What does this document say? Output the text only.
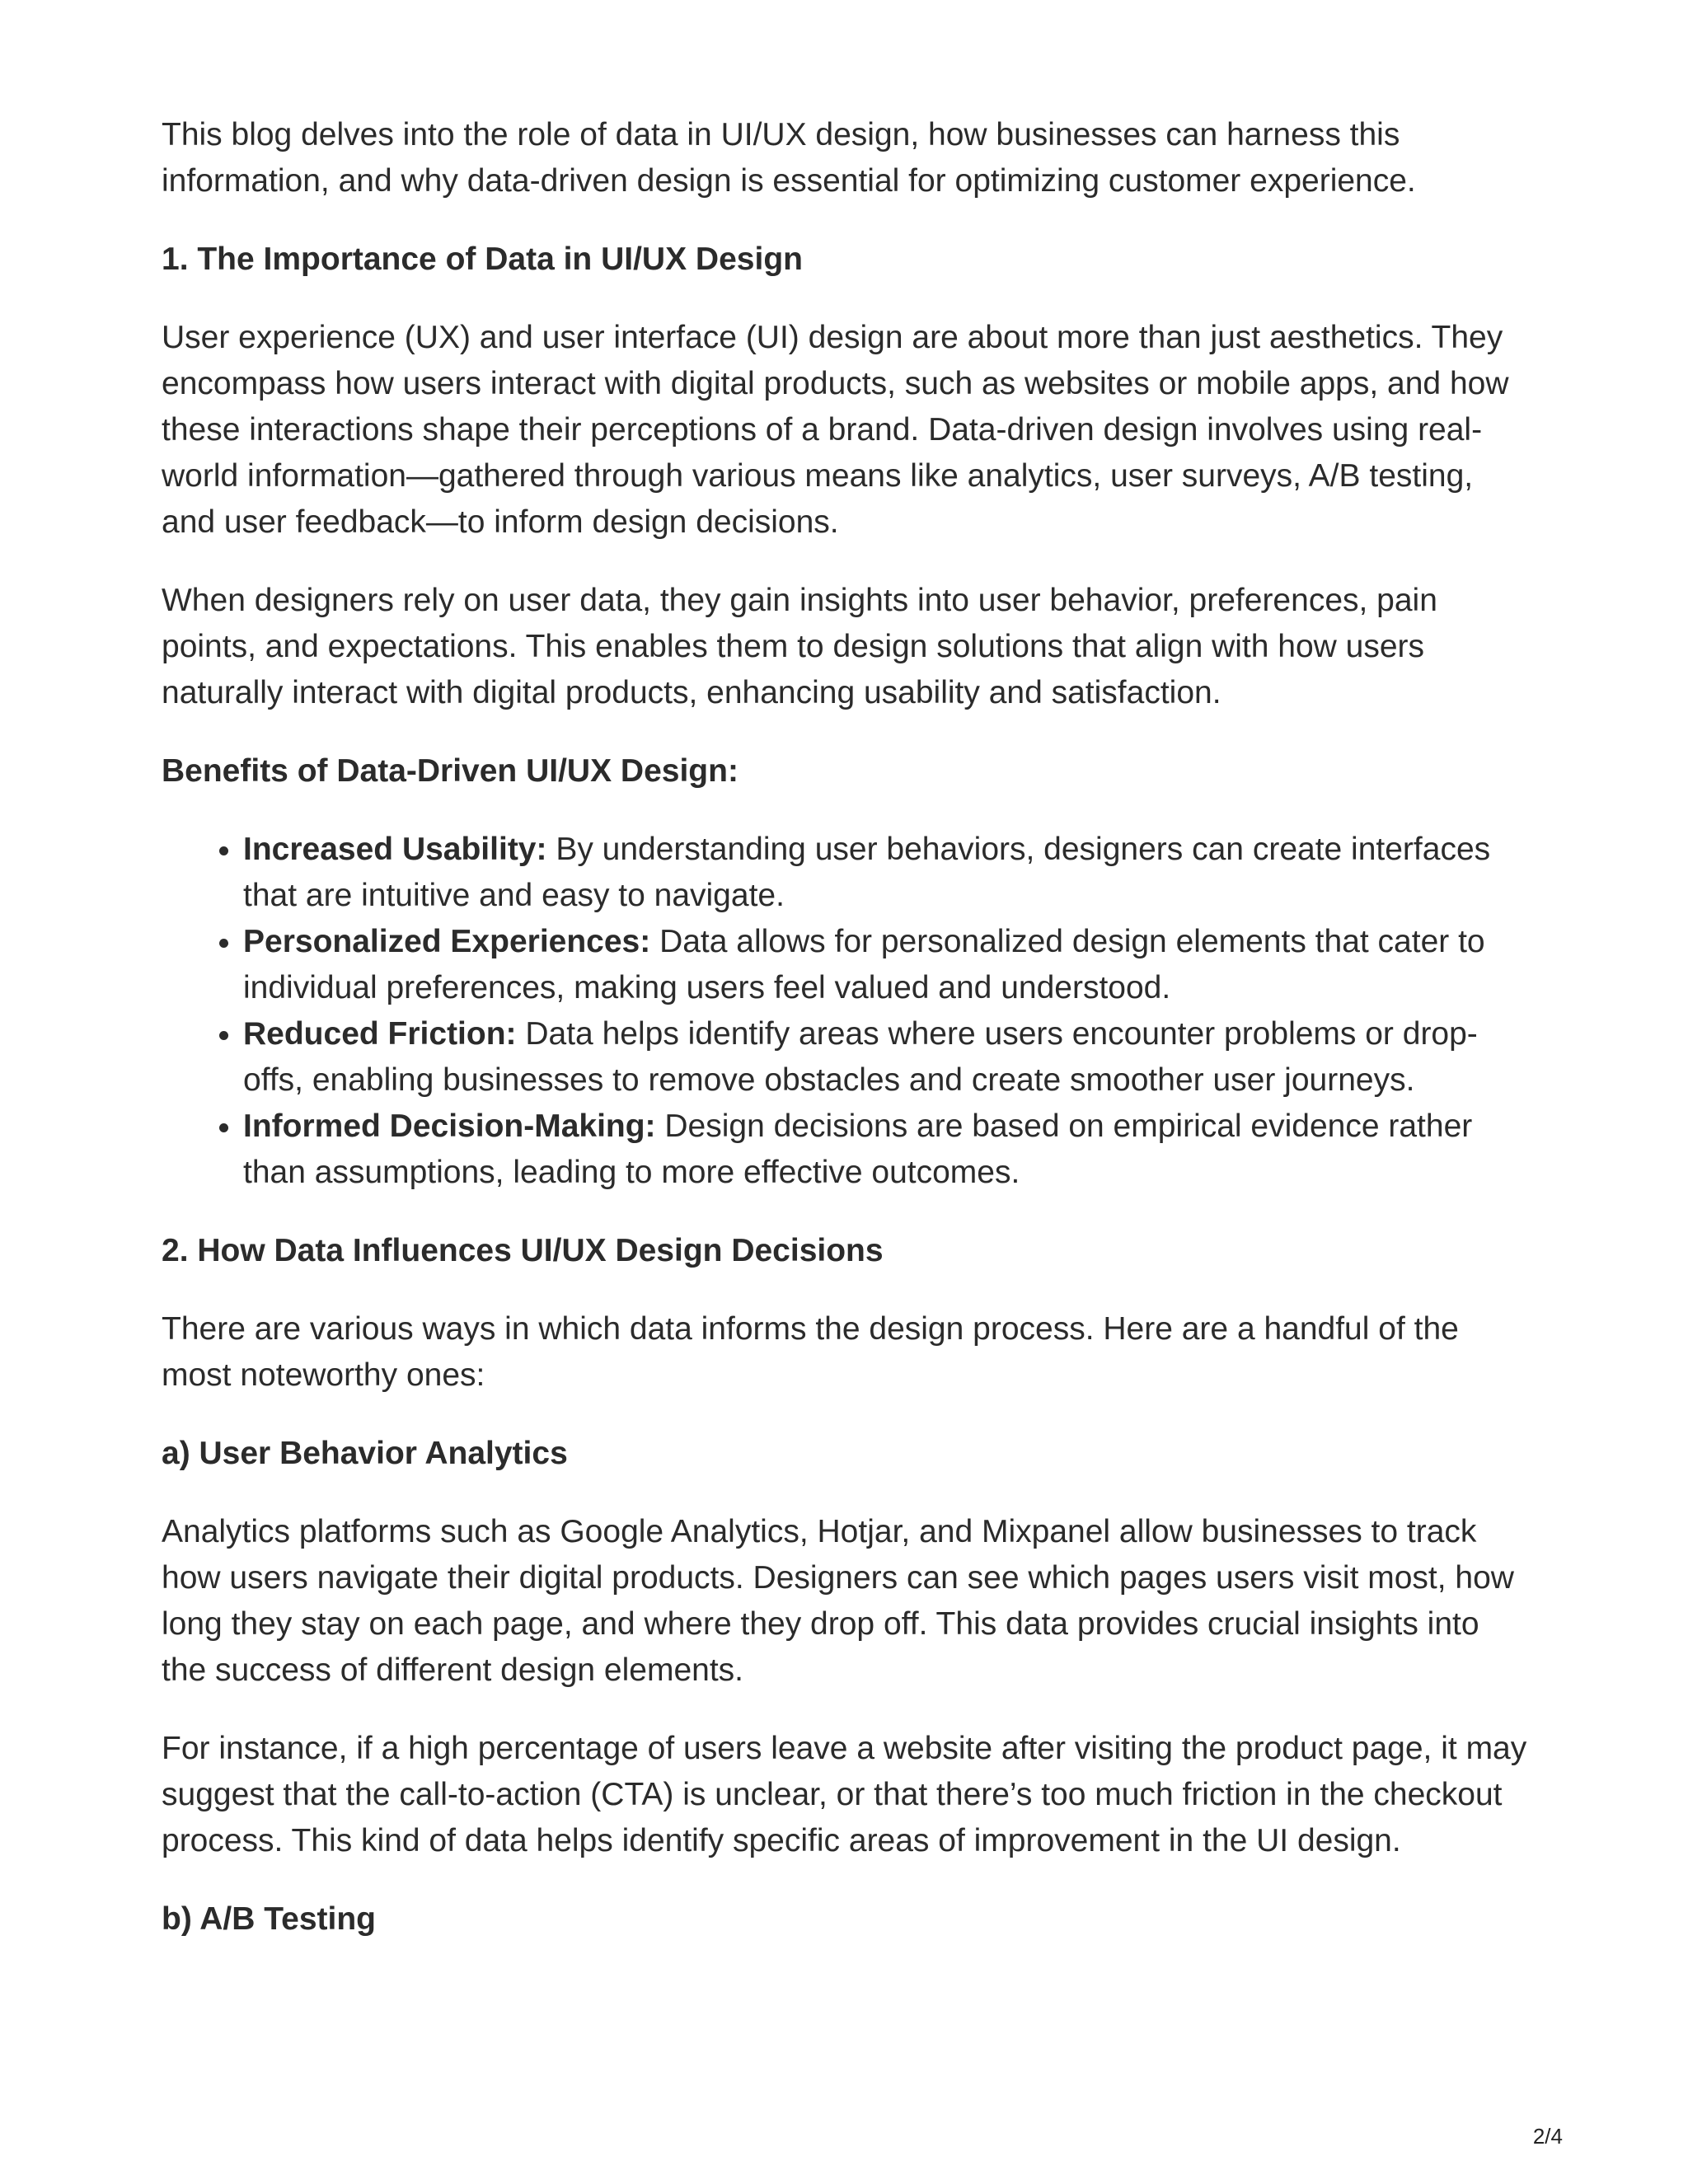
This blog delves into the role of data in UI/UX design, how businesses can harness this information, and why data-driven design is essential for optimizing customer experience.

1. The Importance of Data in UI/UX Design

User experience (UX) and user interface (UI) design are about more than just aesthetics. They encompass how users interact with digital products, such as websites or mobile apps, and how these interactions shape their perceptions of a brand. Data-driven design involves using real-world information—gathered through various means like analytics, user surveys, A/B testing, and user feedback—to inform design decisions.

When designers rely on user data, they gain insights into user behavior, preferences, pain points, and expectations. This enables them to design solutions that align with how users naturally interact with digital products, enhancing usability and satisfaction.

Benefits of Data-Driven UI/UX Design:
• Increased Usability: By understanding user behaviors, designers can create interfaces that are intuitive and easy to navigate.
• Personalized Experiences: Data allows for personalized design elements that cater to individual preferences, making users feel valued and understood.
• Reduced Friction: Data helps identify areas where users encounter problems or drop-offs, enabling businesses to remove obstacles and create smoother user journeys.
• Informed Decision-Making: Design decisions are based on empirical evidence rather than assumptions, leading to more effective outcomes.
2. How Data Influences UI/UX Design Decisions

There are various ways in which data informs the design process. Here are a handful of the most noteworthy ones:

a) User Behavior Analytics

Analytics platforms such as Google Analytics, Hotjar, and Mixpanel allow businesses to track how users navigate their digital products. Designers can see which pages users visit most, how long they stay on each page, and where they drop off. This data provides crucial insights into the success of different design elements.

For instance, if a high percentage of users leave a website after visiting the product page, it may suggest that the call-to-action (CTA) is unclear, or that there’s too much friction in the checkout process. This kind of data helps identify specific areas of improvement in the UI design.

b) A/B Testing
2/4
